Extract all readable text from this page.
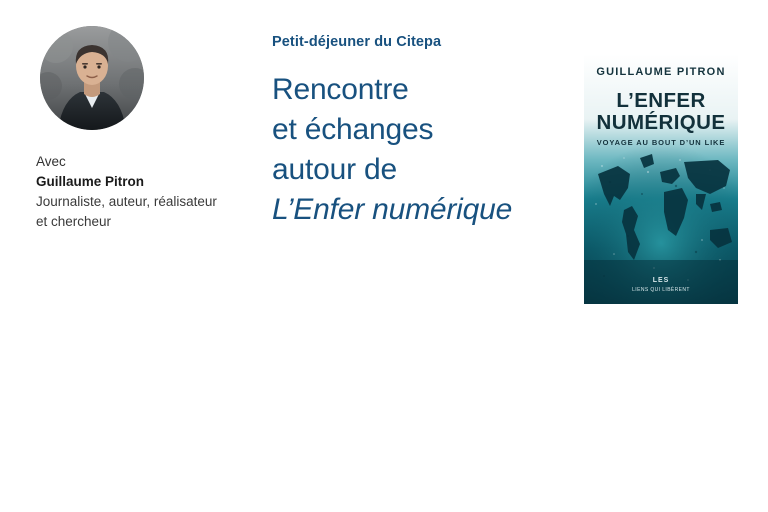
Avec
Guillaume Pitron
Journaliste, auteur, réalisateur
et chercheur

Petit-déjeuner du Citepa

Rencontre
et échanges
autour de
L’Enfer numérique
GUILLAUME PITRON
L’ENFER
NUMÉRIQUE
VOYAGE AU BOUT D’UN LIKE
LES
LIENS QUI LIBÈRENT
